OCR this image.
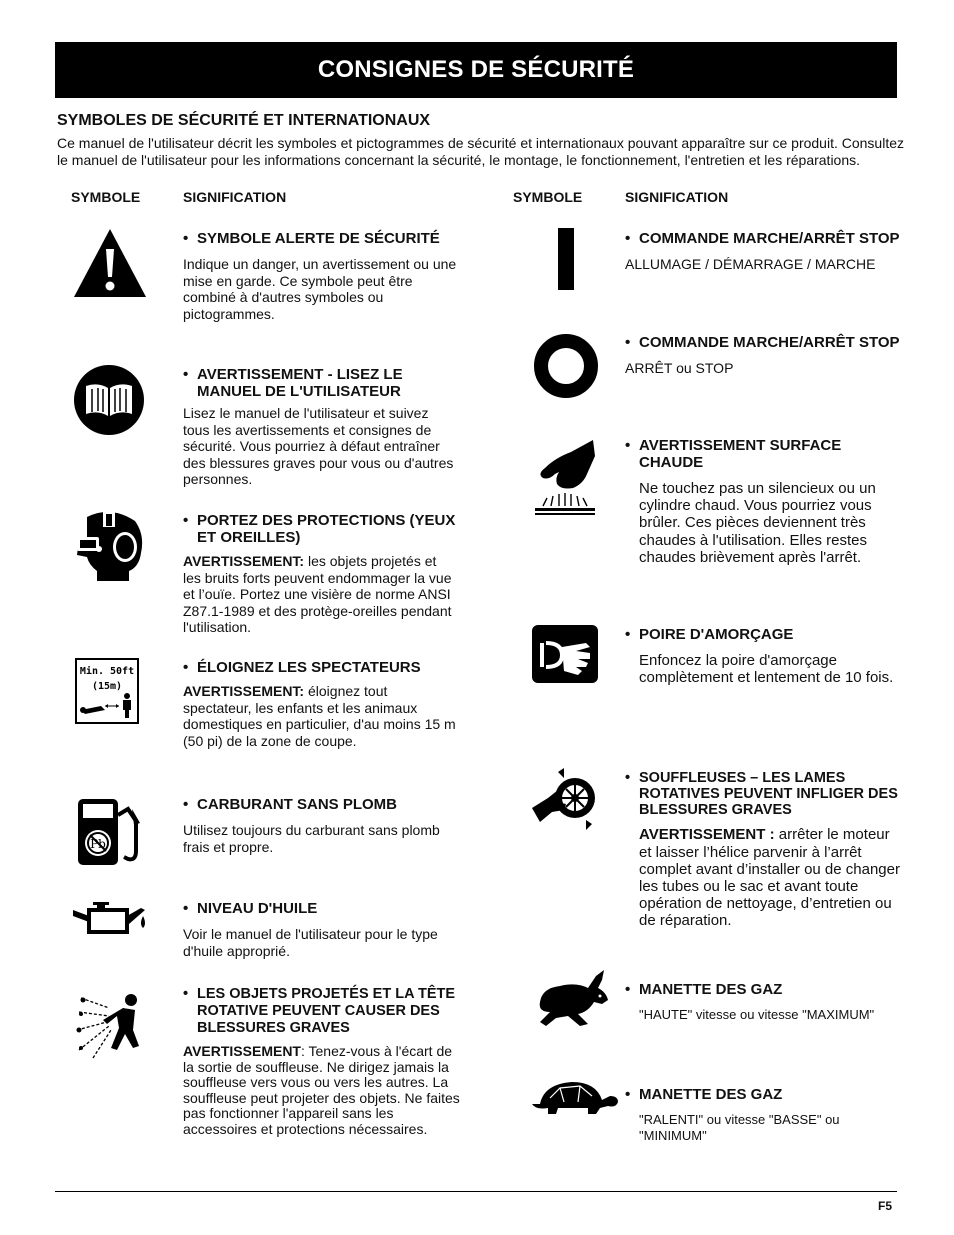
CONSIGNES DE SÉCURITÉ
SYMBOLES DE SÉCURITÉ ET INTERNATIONAUX
Ce manuel de l'utilisateur décrit les symboles et pictogrammes de sécurité et internationaux pouvant apparaître sur ce produit. Consultez le manuel de l'utilisateur pour les informations concernant la sécurité, le montage, le fonctionnement, l'entretien et les réparations.
SYMBOLE	SIGNIFICATION	SYMBOLE	SIGNIFICATION
Min. 50ft
(15m)
Pb
• SYMBOLE ALERTE DE SÉCURITÉ
Indique un danger, un avertissement ou une mise en garde. Ce symbole peut être combiné à d'autres symboles ou pictogrammes.
• AVERTISSEMENT - LISEZ LE MANUEL DE L'UTILISATEUR
Lisez le manuel de l'utilisateur et suivez tous les avertissements et consignes de sécurité. Vous pourriez à défaut entraîner des blessures graves pour vous ou d'autres personnes.
• PORTEZ DES PROTECTIONS (YEUX ET OREILLES)
AVERTISSEMENT: les objets projetés et les bruits forts peuvent endommager la vue et l’ouïe. Portez une visière de norme ANSI Z87.1-1989 et des protège-oreilles pendant l'utilisation.
• ÉLOIGNEZ LES SPECTATEURS
AVERTISSEMENT: éloignez tout spectateur, les enfants et les animaux domestiques en particulier, d'au moins 15 m (50 pi) de la zone de coupe.
• CARBURANT SANS PLOMB
Utilisez toujours du carburant sans plomb frais et propre.
• NIVEAU D'HUILE
Voir le manuel de l'utilisateur pour le type d'huile approprié.
• LES OBJETS PROJETÉS ET LA TÊTE ROTATIVE PEUVENT CAUSER DES BLESSURES GRAVES
AVERTISSEMENT: Tenez-vous à l'écart de la sortie de souffleuse. Ne dirigez jamais la souffleuse vers vous ou vers les autres. La souffleuse peut projeter des objets. Ne faites pas fonctionner l'appareil sans les accessoires et protections nécessaires.
• COMMANDE MARCHE/ARRÊT STOP
ALLUMAGE / DÉMARRAGE / MARCHE
• COMMANDE MARCHE/ARRÊT STOP
ARRÊT ou STOP
• AVERTISSEMENT SURFACE CHAUDE
Ne touchez pas un silencieux ou un cylindre chaud. Vous pourriez vous brûler. Ces pièces deviennent très chaudes à l'utilisation. Elles restes chaudes brièvement après l'arrêt.
• POIRE D'AMORÇAGE
Enfoncez la poire d'amorçage complètement et lentement de 10 fois.
• SOUFFLEUSES – LES LAMES ROTATIVES PEUVENT INFLIGER DES BLESSURES GRAVES
AVERTISSEMENT : arrêter le moteur et laisser l’hélice parvenir à l’arrêt complet avant d’installer ou de changer les tubes ou le sac et avant toute opération de nettoyage, d’entretien ou de réparation.
• MANETTE DES GAZ
"HAUTE" vitesse ou vitesse "MAXIMUM"
• MANETTE DES GAZ
"RALENTI" ou vitesse "BASSE" ou "MINIMUM"
F5
